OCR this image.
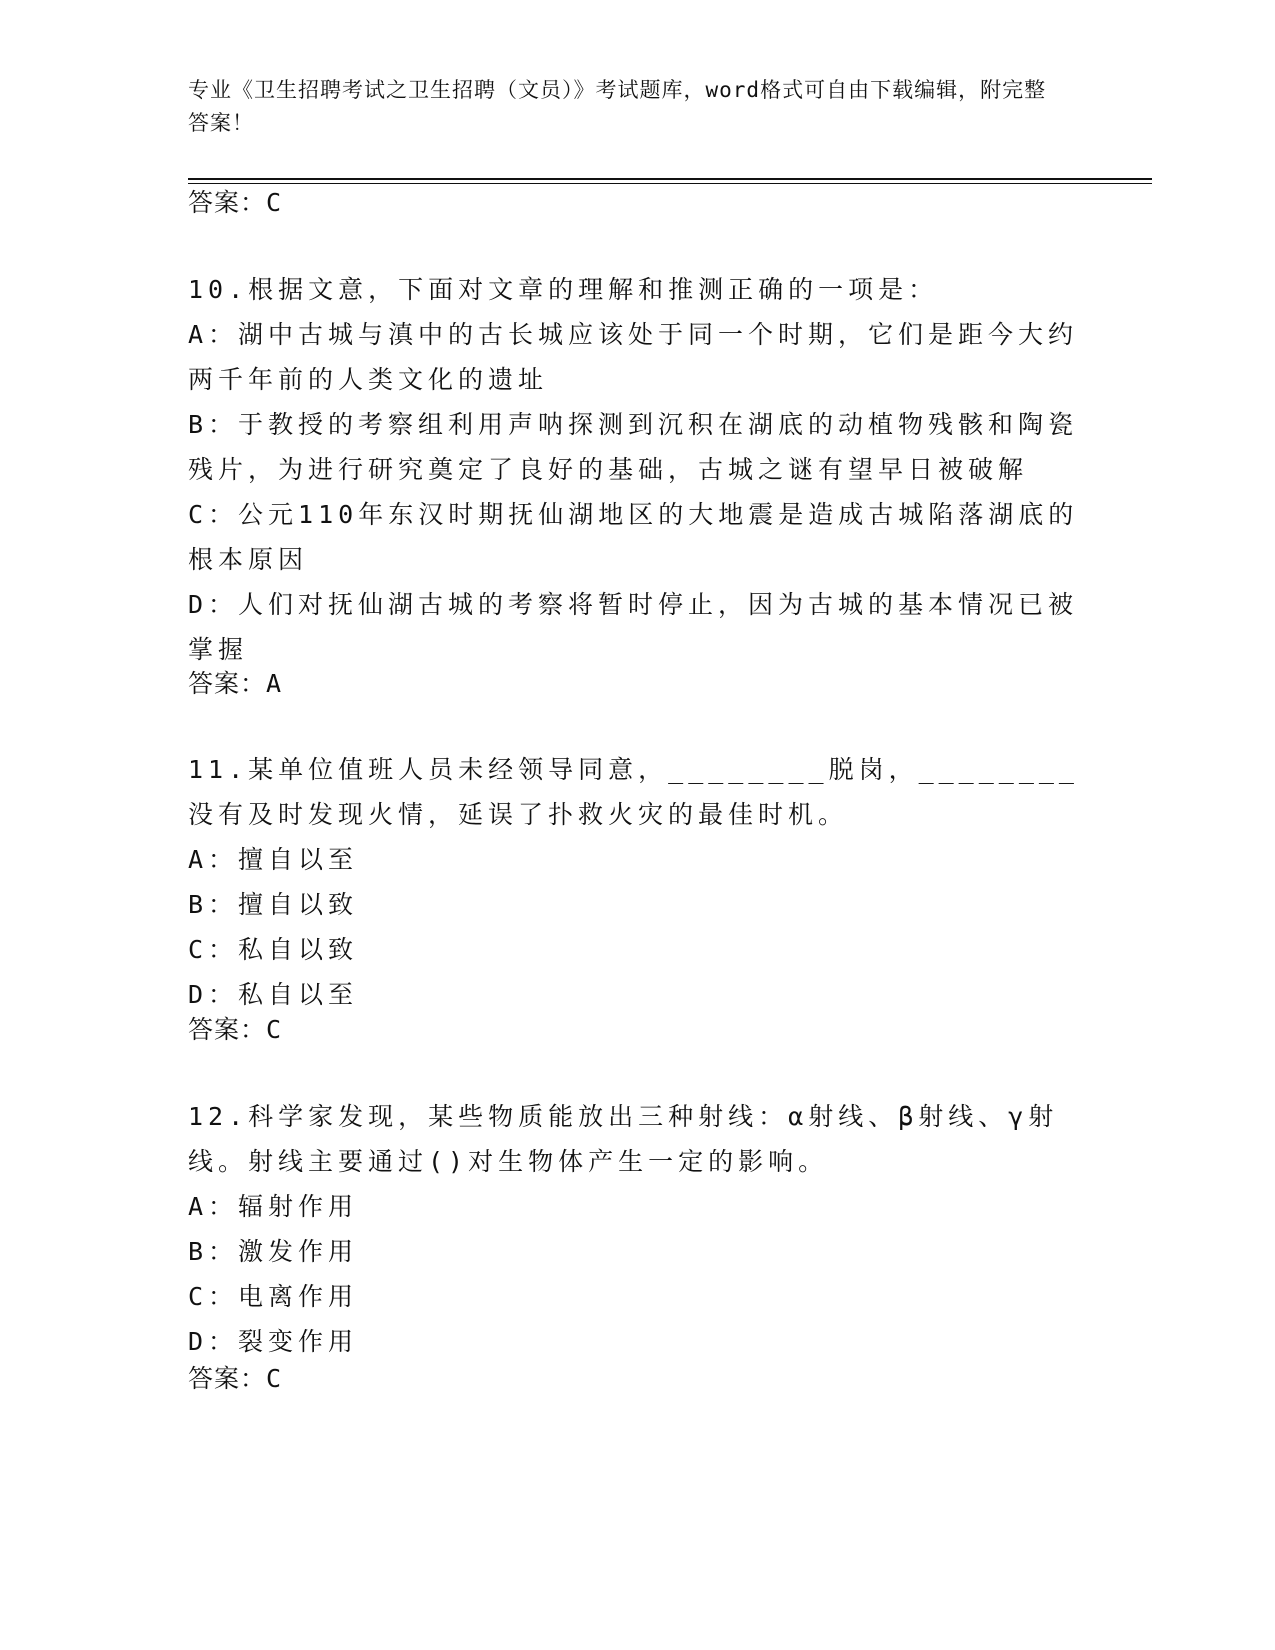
专业《卫生招聘考试之卫生招聘（文员）》考试题库，word格式可自由下载编辑，附完整答案！
答案：C

10.根据文意，下面对文章的理解和推测正确的一项是：

A：湖中古城与滇中的古长城应该处于同一个时期，它们是距今大约两千年前的人类文化的遗址

B：于教授的考察组利用声呐探测到沉积在湖底的动植物残骸和陶瓷残片，为进行研究奠定了良好的基础，古城之谜有望早日被破解

C：公元110年东汉时期抚仙湖地区的大地震是造成古城陷落湖底的根本原因

D：人们对抚仙湖古城的考察将暂时停止，因为古城的基本情况已被掌握

答案：A

11.某单位值班人员未经领导同意，________脱岗，________没有及时发现火情，延误了扑救火灾的最佳时机。

A：擅自以至

B：擅自以致

C：私自以致

D：私自以至

答案：C

12.科学家发现，某些物质能放出三种射线：α射线、β射线、γ射线。射线主要通过()对生物体产生一定的影响。

A：辐射作用

B：激发作用

C：电离作用

D：裂变作用

答案：C
